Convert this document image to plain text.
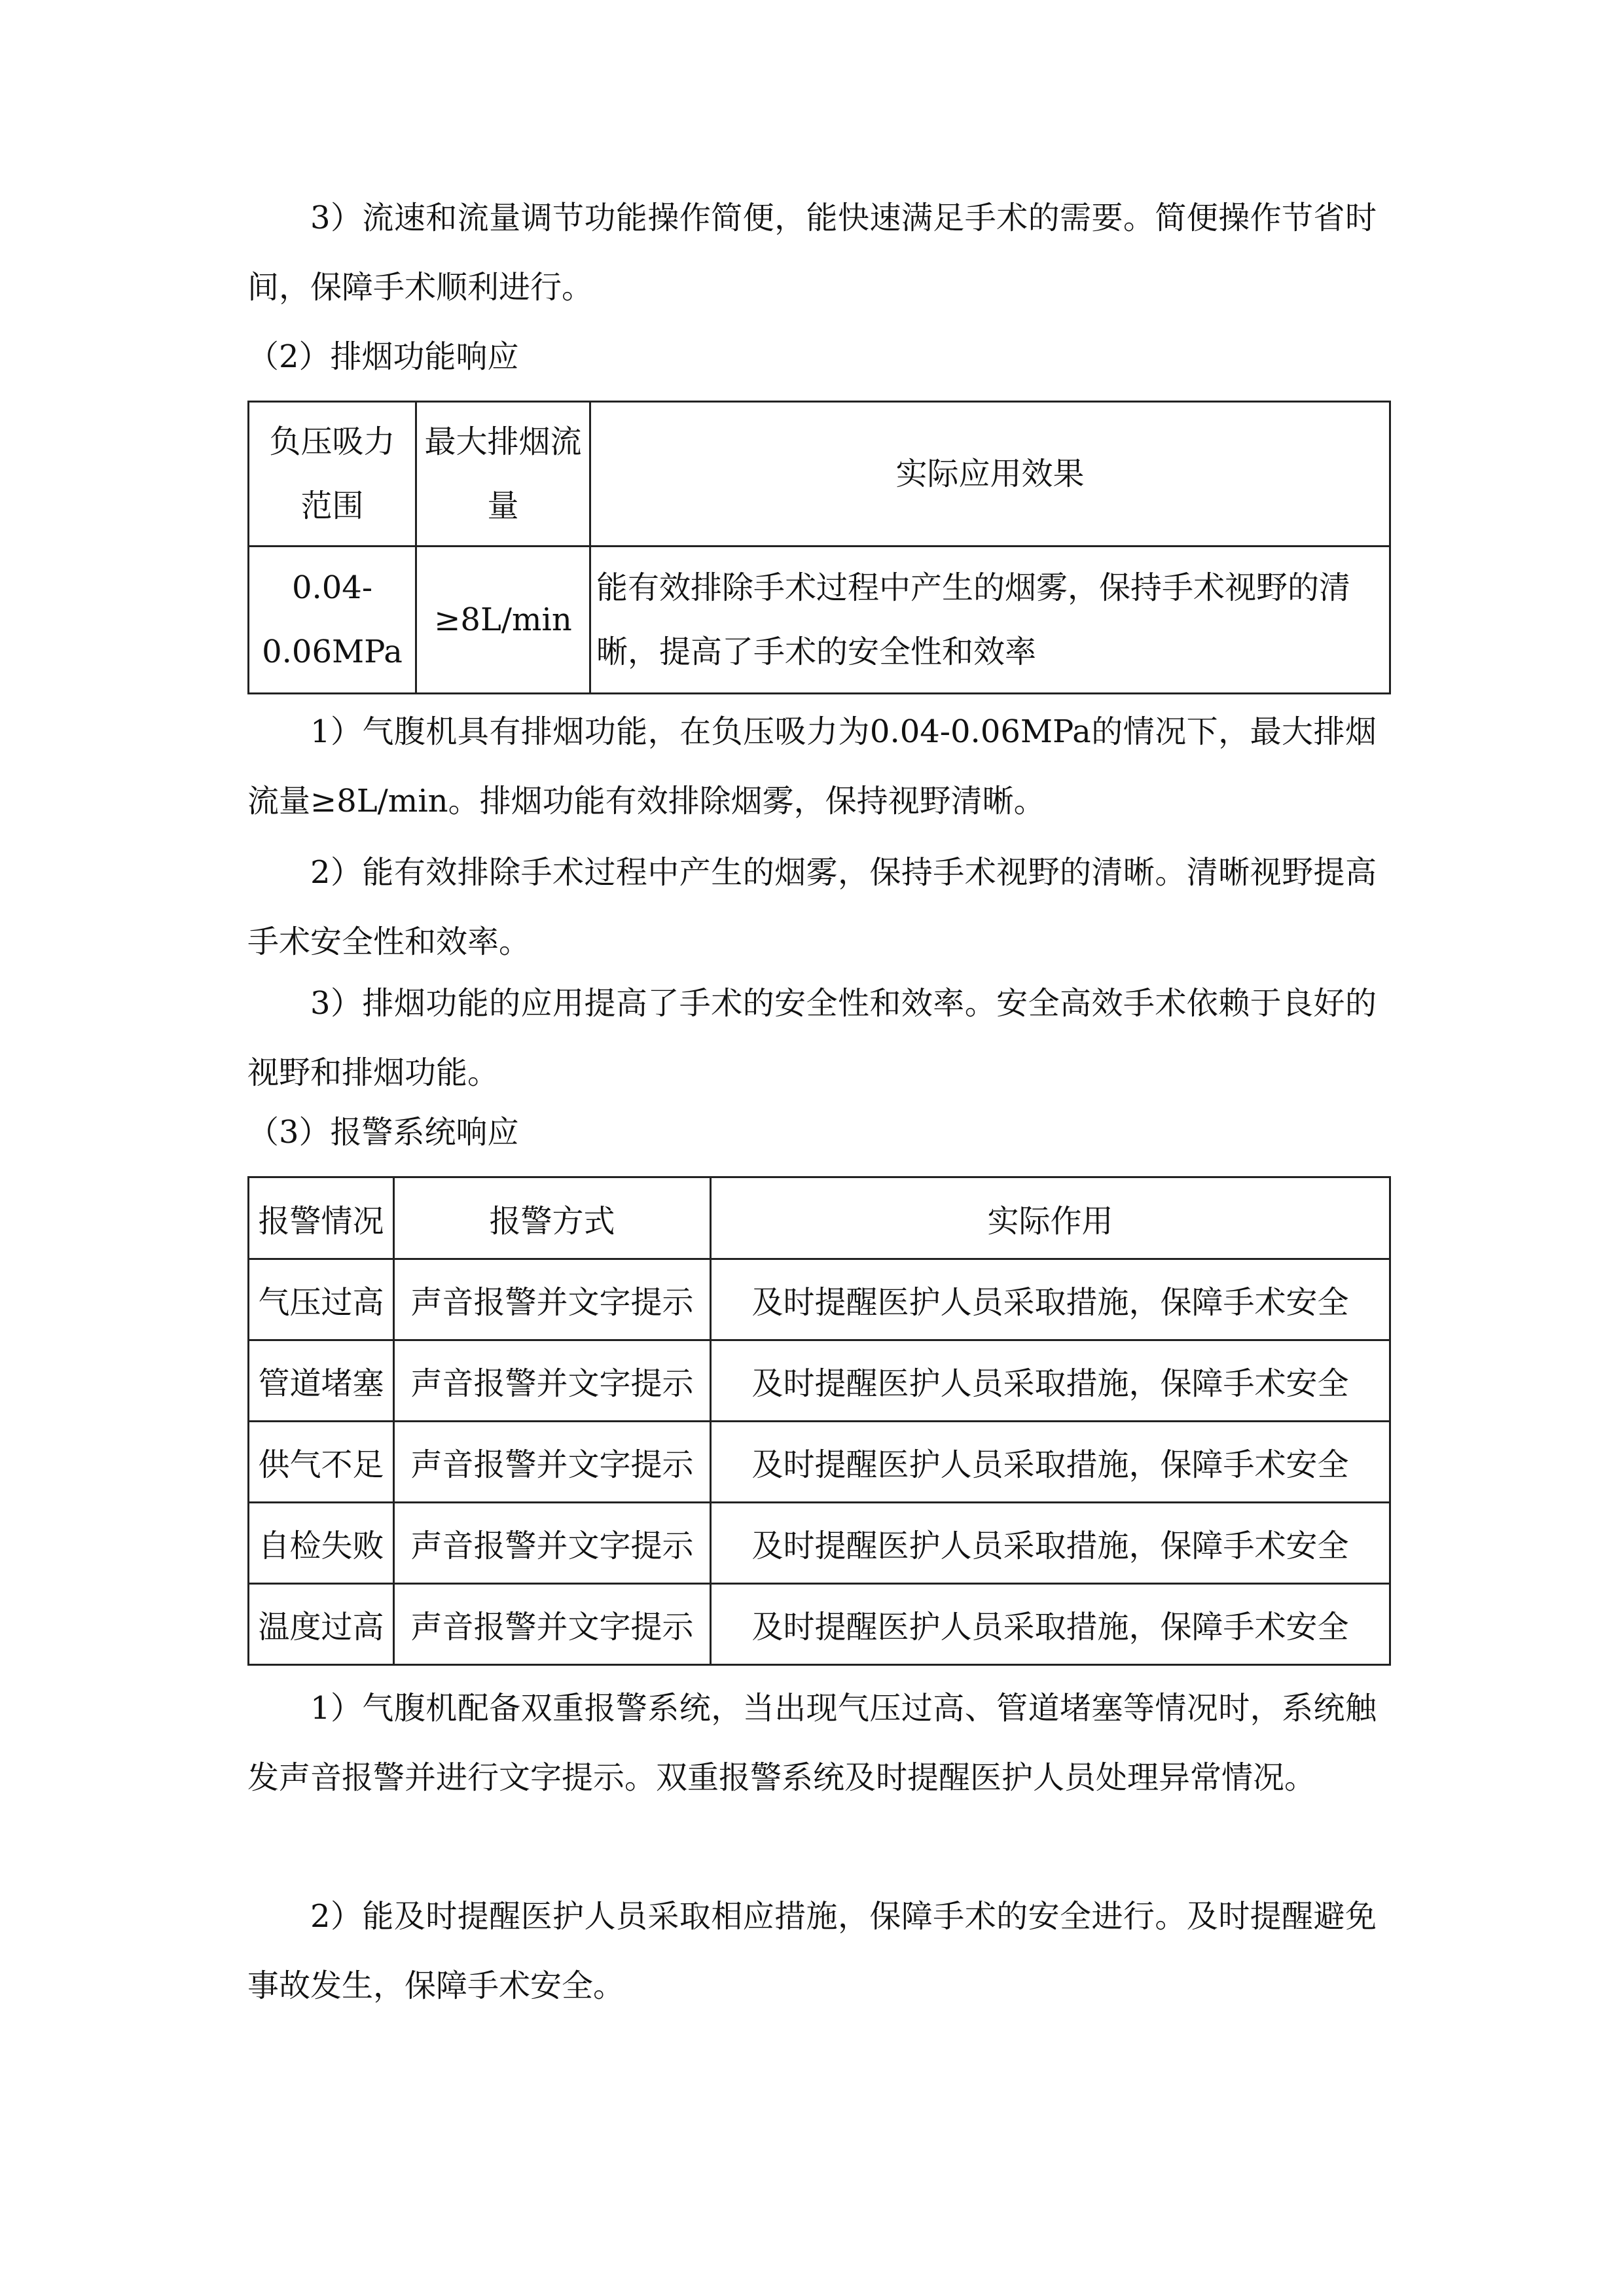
3）流速和流量调节功能操作简便，能快速满足手术的需要。简便操作节省时间，保障手术顺利进行。

（2）排烟功能响应

负压吸力范围	最大排烟流量	实际应用效果
0.04-0.06MPa	≥8L/min	能有效排除手术过程中产生的烟雾，保持手术视野的清晰，提高了手术的安全性和效率

1）气腹机具有排烟功能，在负压吸力为0.04-0.06MPa的情况下，最大排烟流量≥8L/min。排烟功能有效排除烟雾，保持视野清晰。

2）能有效排除手术过程中产生的烟雾，保持手术视野的清晰。清晰视野提高手术安全性和效率。

3）排烟功能的应用提高了手术的安全性和效率。安全高效手术依赖于良好的视野和排烟功能。

（3）报警系统响应

报警情况	报警方式	实际作用
气压过高	声音报警并文字提示	及时提醒医护人员采取措施，保障手术安全
管道堵塞	声音报警并文字提示	及时提醒医护人员采取措施，保障手术安全
供气不足	声音报警并文字提示	及时提醒医护人员采取措施，保障手术安全
自检失败	声音报警并文字提示	及时提醒医护人员采取措施，保障手术安全
温度过高	声音报警并文字提示	及时提醒医护人员采取措施，保障手术安全

1）气腹机配备双重报警系统，当出现气压过高、管道堵塞等情况时，系统触发声音报警并进行文字提示。双重报警系统及时提醒医护人员处理异常情况。

2）能及时提醒医护人员采取相应措施，保障手术的安全进行。及时提醒避免事故发生，保障手术安全。
